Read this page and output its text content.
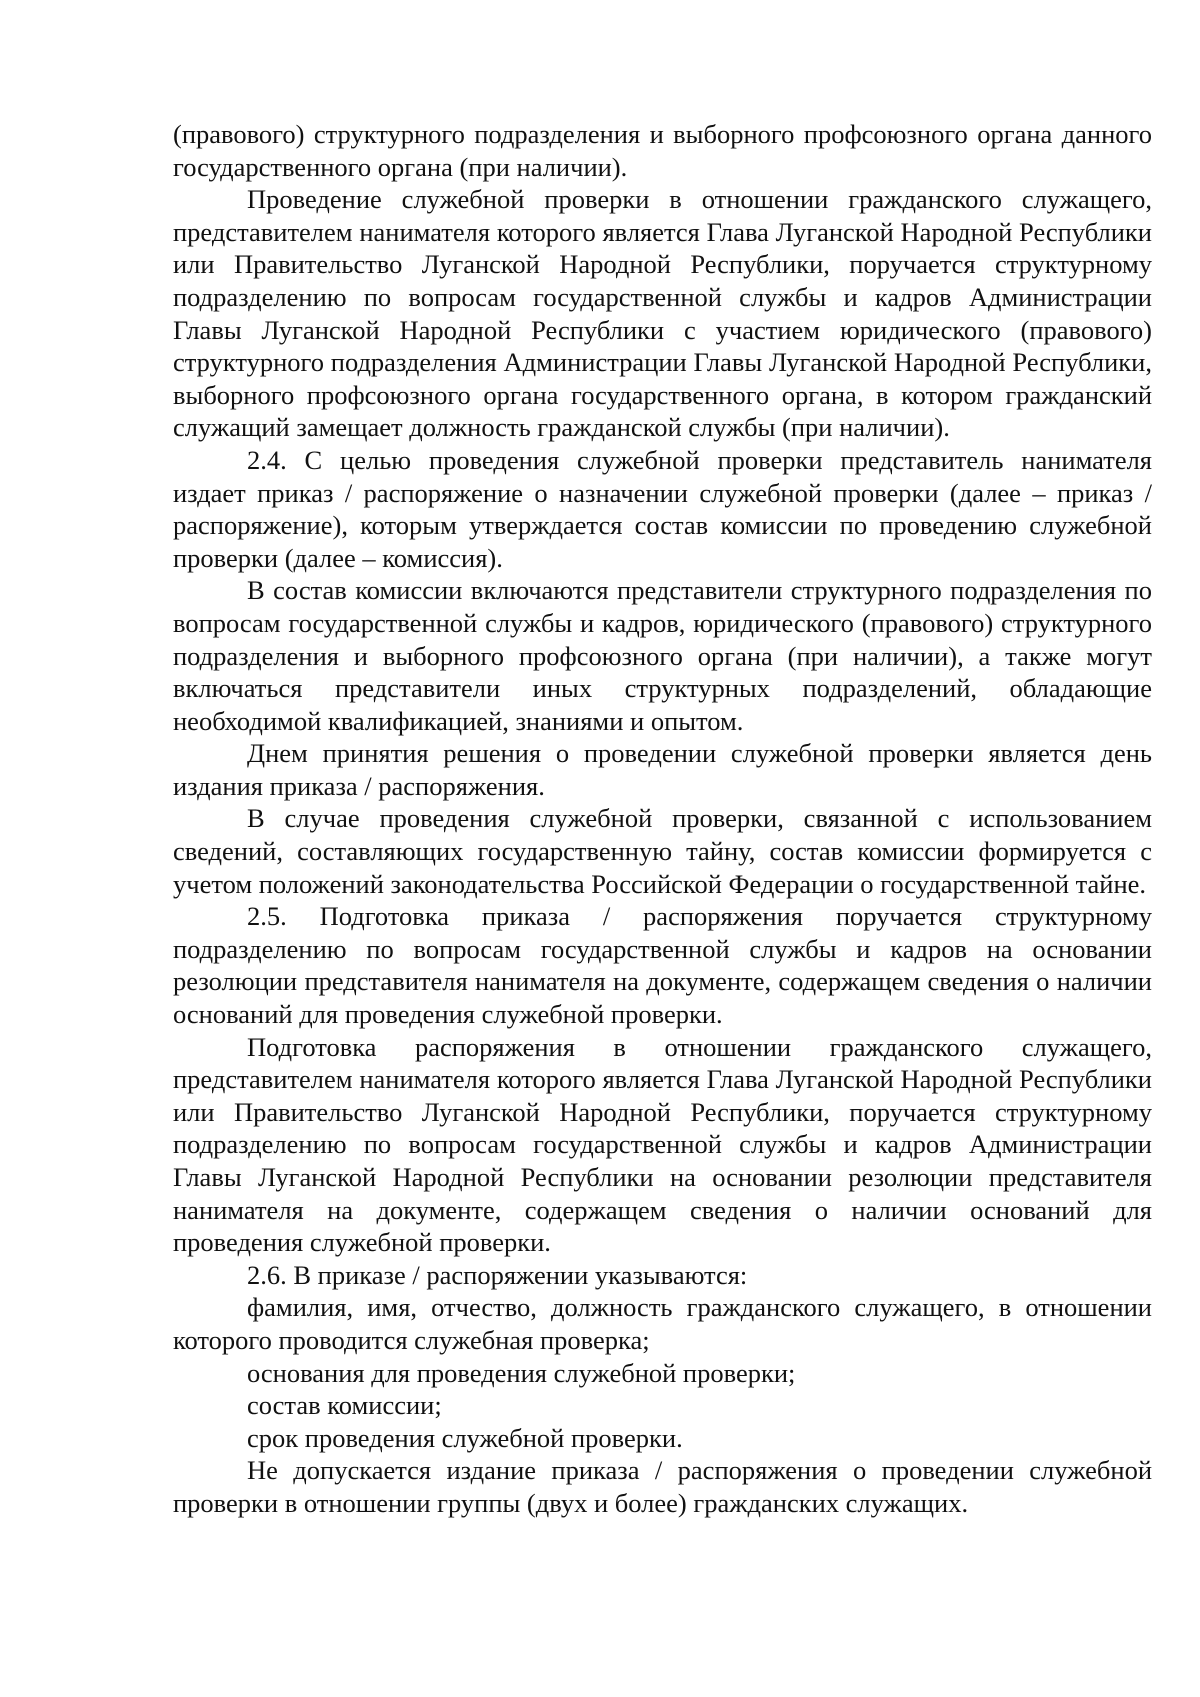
(правового) структурного подразделения и выборного профсоюзного органа данного государственного органа (при наличии).

Проведение служебной проверки в отношении гражданского служащего, представителем нанимателя которого является Глава Луганской Народной Республики или Правительство Луганской Народной Республики, поручается структурному подразделению по вопросам государственной службы и кадров Администрации Главы Луганской Народной Республики с участием юридического (правового) структурного подразделения Администрации Главы Луганской Народной Республики, выборного профсоюзного органа государственного органа, в котором гражданский служащий замещает должность гражданской службы (при наличии).

2.4. С целью проведения служебной проверки представитель нанимателя издает приказ / распоряжение о назначении служебной проверки (далее – приказ / распоряжение), которым утверждается состав комиссии по проведению служебной проверки (далее – комиссия).

В состав комиссии включаются представители структурного подразделения по вопросам государственной службы и кадров, юридического (правового) структурного подразделения и выборного профсоюзного органа (при наличии), а также могут включаться представители иных структурных подразделений, обладающие необходимой квалификацией, знаниями и опытом.

Днем принятия решения о проведении служебной проверки является день издания приказа / распоряжения.

В случае проведения служебной проверки, связанной с использованием сведений, составляющих государственную тайну, состав комиссии формируется с учетом положений законодательства Российской Федерации о государственной тайне.

2.5. Подготовка приказа / распоряжения поручается структурному подразделению по вопросам государственной службы и кадров на основании резолюции представителя нанимателя на документе, содержащем сведения о наличии оснований для проведения служебной проверки.

Подготовка распоряжения в отношении гражданского служащего, представителем нанимателя которого является Глава Луганской Народной Республики или Правительство Луганской Народной Республики, поручается структурному подразделению по вопросам государственной службы и кадров Администрации Главы Луганской Народной Республики на основании резолюции представителя нанимателя на документе, содержащем сведения о наличии оснований для проведения служебной проверки.

2.6. В приказе / распоряжении указываются:

фамилия, имя, отчество, должность гражданского служащего, в отношении которого проводится служебная проверка;

основания для проведения служебной проверки;

состав комиссии;

срок проведения служебной проверки.

Не допускается издание приказа / распоряжения о проведении служебной проверки в отношении группы (двух и более) гражданских служащих.
